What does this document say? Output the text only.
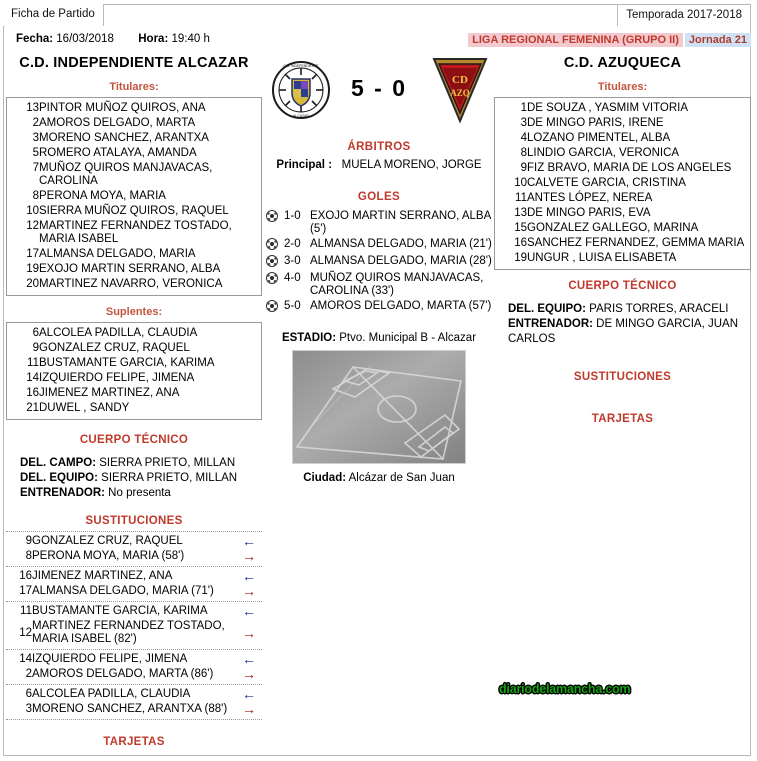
Ficha de Partido	Temporada 2017-2018
Fecha: 16/03/2018 Hora: 19:40 h	LIGA REGIONAL FEMENINA (GRUPO II) Jornada 21
C.D. INDEPENDIENTE ALCAZAR
Titulares:
13	PINTOR MUÑOZ QUIROS, ANA
2	AMOROS DELGADO, MARTA
3	MORENO SANCHEZ, ARANTXA
5	ROMERO ATALAYA, AMANDA
7	MUÑOZ QUIROS MANJAVACAS, CAROLINA
8	PERONA MOYA, MARIA
10	SIERRA MUÑOZ QUIROS, RAQUEL
12	MARTINEZ FERNANDEZ TOSTADO, MARIA ISABEL
17	ALMANSA DELGADO, MARIA
19	EXOJO MARTIN SERRANO, ALBA
20	MARTINEZ NAVARRO, VERONICA
Suplentes:
6	ALCOLEA PADILLA, CLAUDIA
9	GONZALEZ CRUZ, RAQUEL
11	BUSTAMANTE GARCIA, KARIMA
14	IZQUIERDO FELIPE, JIMENA
16	JIMENEZ MARTINEZ, ANA
21	DUWEL , SANDY
CUERPO TÉCNICO
DEL. CAMPO: SIERRA PRIETO, MILLAN
DEL. EQUIPO: SIERRA PRIETO, MILLAN
ENTRENADOR: No presenta
SUSTITUCIONES
9	GONZALEZ CRUZ, RAQUEL	←
8	PERONA MOYA, MARIA (58')	→
16	JIMENEZ MARTINEZ, ANA	←
17	ALMANSA DELGADO, MARIA (71')	→
11	BUSTAMANTE GARCIA, KARIMA	←
12	MARTINEZ FERNANDEZ TOSTADO, MARIA ISABEL (82')	→
14	IZQUIERDO FELIPE, JIMENA	←
2	AMOROS DELGADO, MARTA (86')	→
6	ALCOLEA PADILLA, CLAUDIA	←
3	MORENO SANCHEZ, ARANTXA (88')	→
TARJETAS
C.D. INDEPENDIENTE
ALCAZAR
5 - 0	CD
AZQ
ÁRBITROS
Principal : MUELA MORENO, JORGE
GOLES
	1-0	EXOJO MARTIN SERRANO, ALBA (5')
	2-0	ALMANSA DELGADO, MARIA (21')
	3-0	ALMANSA DELGADO, MARIA (28')
	4-0	MUÑOZ QUIROS MANJAVACAS, CAROLINA (33')
	5-0	AMOROS DELGADO, MARTA (57')
ESTADIO: Ptvo. Municipal B - Alcazar
Ciudad: Alcázar de San Juan
C.D. AZUQUECA
Titulares:
1	DE SOUZA , YASMIM VITORIA
3	DE MINGO PARIS, IRENE
4	LOZANO PIMENTEL, ALBA
8	LINDIO GARCIA, VERONICA
9	FIZ BRAVO, MARIA DE LOS ANGELES
10	CALVETE GARCIA, CRISTINA
11	ANTES LÓPEZ, NEREA
13	DE MINGO PARIS, EVA
15	GONZALEZ GALLEGO, MARINA
16	SANCHEZ FERNANDEZ, GEMMA MARIA
19	UNGUR , LUISA ELISABETA
CUERPO TÉCNICO
DEL. EQUIPO: PARIS TORRES, ARACELI
ENTRENADOR: DE MINGO GARCIA, JUAN CARLOS
SUSTITUCIONES
TARJETAS
diariodelamancha.com
